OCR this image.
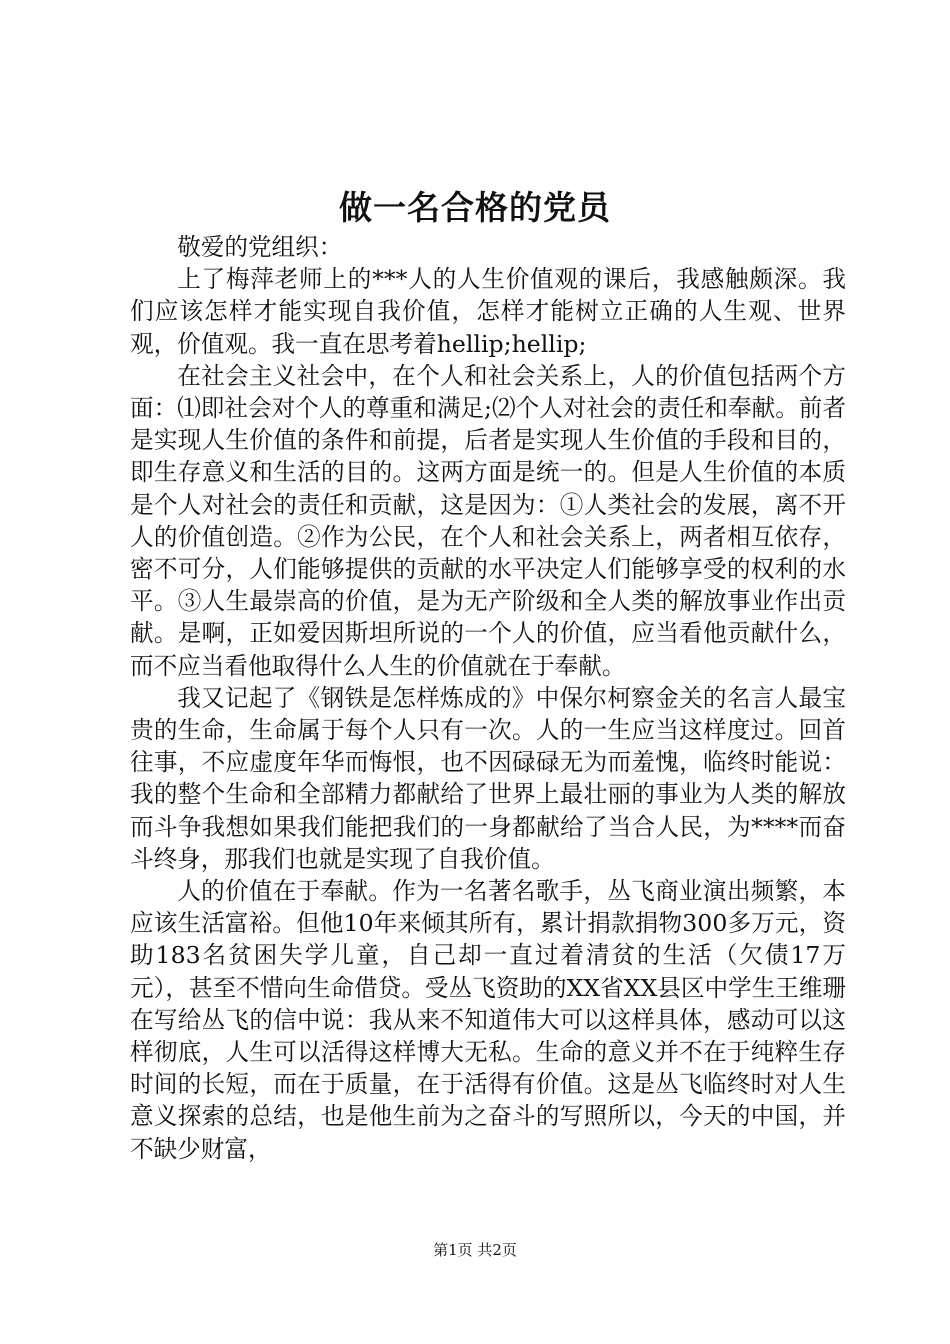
做一名合格的党员

敬爱的党组织：

上了梅萍老师上的***人的人生价值观的课后，我感触颇深。我们应该怎样才能实现自我价值，怎样才能树立正确的人生观、世界观，价值观。我一直在思考着hellip;hellip;

在社会主义社会中，在个人和社会关系上，人的价值包括两个方面：⑴即社会对个人的尊重和满足;⑵个人对社会的责任和奉献。前者是实现人生价值的条件和前提，后者是实现人生价值的手段和目的，即生存意义和生活的目的。这两方面是统一的。但是人生价值的本质是个人对社会的责任和贡献，这是因为：①人类社会的发展，离不开人的价值创造。②作为公民，在个人和社会关系上，两者相互依存，密不可分，人们能够提供的贡献的水平决定人们能够享受的权利的水平。③人生最崇高的价值，是为无产阶级和全人类的解放事业作出贡献。是啊，正如爱因斯坦所说的一个人的价值，应当看他贡献什么，而不应当看他取得什么人生的价值就在于奉献。

我又记起了《钢铁是怎样炼成的》中保尔柯察金关的名言人最宝贵的生命，生命属于每个人只有一次。人的一生应当这样度过。回首往事，不应虚度年华而悔恨，也不因碌碌无为而羞愧，临终时能说：我的整个生命和全部精力都献给了世界上最壮丽的事业为人类的解放而斗争我想如果我们能把我们的一身都献给了当合人民，为****而奋斗终身，那我们也就是实现了自我价值。

人的价值在于奉献。作为一名著名歌手，丛飞商业演出频繁，本应该生活富裕。但他10年来倾其所有，累计捐款捐物300多万元，资助183名贫困失学儿童，自己却一直过着清贫的生活（欠债17万元），甚至不惜向生命借贷。受丛飞资助的XX省XX县区中学生王维珊在写给丛飞的信中说：我从来不知道伟大可以这样具体，感动可以这样彻底，人生可以活得这样博大无私。生命的意义并不在于纯粹生存时间的长短，而在于质量，在于活得有价值。这是丛飞临终时对人生意义探索的总结，也是他生前为之奋斗的写照所以，今天的中国，并不缺少财富，

第1页 共2页
